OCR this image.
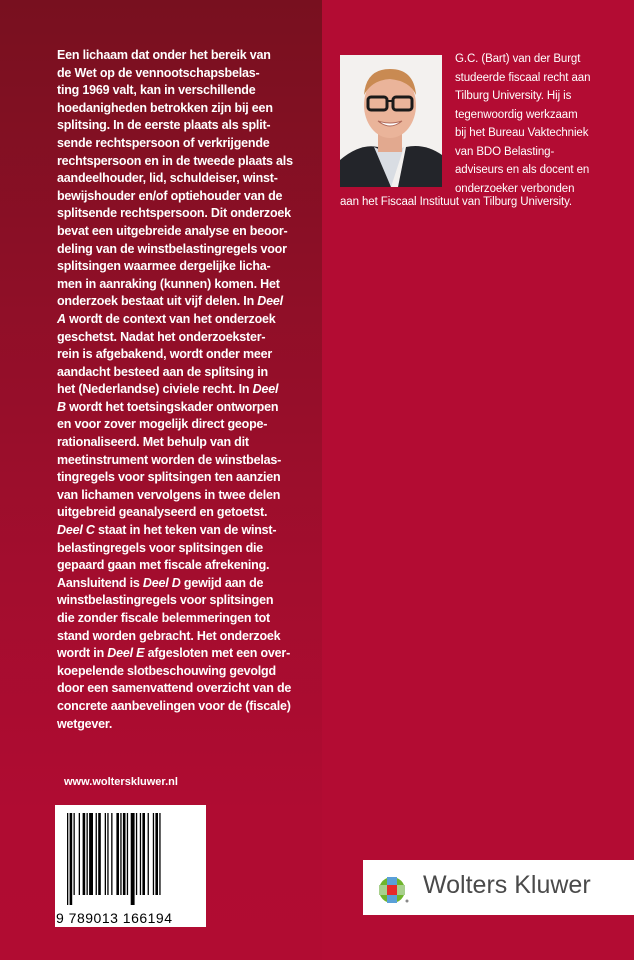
Een lichaam dat onder het bereik van
de Wet op de vennootschapsbelas-
ting 1969 valt, kan in verschillende
hoedanigheden betrokken zijn bij een
splitsing. In de eerste plaats als split-
sende rechtspersoon of verkrijgende
rechtspersoon en in de tweede plaats als
aandeelhouder, lid, schuldeiser, winst-
bewijshouder en/of optiehouder van de
splitsende rechtspersoon. Dit onderzoek
bevat een uitgebreide analyse en beoor-
deling van de winstbelastingregels voor
splitsingen waarmee dergelijke licha-
men in aanraking (kunnen) komen. Het
onderzoek bestaat uit vijf delen. In Deel
A wordt de context van het onderzoek
geschetst. Nadat het onderzoekster-
rein is afgebakend, wordt onder meer
aandacht besteed aan de splitsing in
het (Nederlandse) civiele recht. In Deel
B wordt het toetsingskader ontworpen
en voor zover mogelijk direct geope-
rationaliseerd. Met behulp van dit
meetinstrument worden de winstbelas-
tingregels voor splitsingen ten aanzien
van lichamen vervolgens in twee delen
uitgebreid geanalyseerd en getoetst.
Deel C staat in het teken van de winst-
belastingregels voor splitsingen die
gepaard gaan met fiscale afrekening.
Aansluitend is Deel D gewijd aan de
winstbelastingregels voor splitsingen
die zonder fiscale belemmeringen tot
stand worden gebracht. Het onderzoek
wordt in Deel E afgesloten met een over-
koepelende slotbeschouwing gevolgd
door een samenvattend overzicht van de
concrete aanbevelingen voor de (fiscale)
wetgever.
G.C. (Bart) van der Burgt
studeerde fiscaal recht aan
Tilburg University. Hij is
tegenwoordig werkzaam
bij het Bureau Vaktechniek
van BDO Belasting-
adviseurs en als docent en
onderzoeker verbonden
aan het Fiscaal Instituut van Tilburg University.
www.wolterskluwer.nl
9 789013 166194
Wolters Kluwer
